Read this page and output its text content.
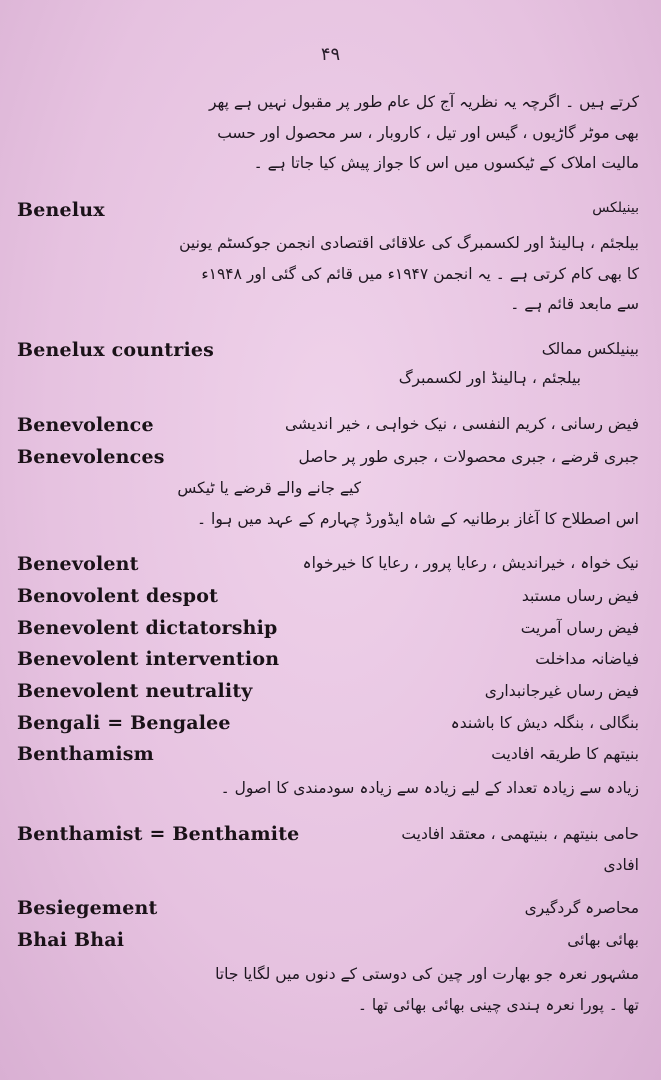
۴۹
کرتے ہیں ۔ اگرچہ یہ نظریہ آج کل عام طور پر مقبول نہیں ہے پھر
بھی موٹر گاڑیوں ، گیس اور تیل ، کاروبار ، سر محصول اور حسب
مالیت املاک کے ٹیکسوں میں اس کا جواز پیش کیا جاتا ہے ۔
Benelux	بینیلکس
بیلجئم ، ہالینڈ اور لکسمبرگ کی علاقائی اقتصادی انجمن جوکسٹم یونین
کا بھی کام کرتی ہے ۔ یہ انجمن ۱۹۴۷ء میں قائم کی گئی اور ۱۹۴۸ء
سے مابعد قائم ہے ۔
Benelux countries	بینیلکس ممالک
بیلجئم ، ہالینڈ اور لکسمبرگ
Benevolence	فیض رسانی ، کریم النفسی ، نیک خواہی ، خیر اندیشی
Benevolences	جبری قرضے ، جبری محصولات ، جبری طور پر حاصل
کیے جانے والے قرضے یا ٹیکس
اس اصطلاح کا آغاز برطانیہ کے شاہ ایڈورڈ چہارم کے عہد میں ہوا ۔
Benevolent	نیک خواہ ، خیراندیش ، رعایا پرور ، رعایا کا خیرخواہ
Benovolent despot	فیض رساں مستبد
Benevolent dictatorship	فیض رساں آمریت
Benevolent intervention	فیاضانہ مداخلت
Benevolent neutrality	فیض رساں غیرجانبداری
Bengali = Bengalee	بنگالی ، بنگلہ دیش کا باشندہ
Benthamism	بنیتھم کا طریقہ افادیت
زیادہ سے زیادہ تعداد کے لیے زیادہ سے زیادہ سودمندی کا اصول ۔
Benthamist = Benthamite	حامی بنیتھم ، بنیتھمی ، معتقد افادیت
افادی
Besiegement	محاصرہ گردگیری
Bhai Bhai	بھائی بھائی
مشہور نعرہ جو بھارت اور چین کی دوستی کے دنوں میں لگایا جاتا
تھا ۔ پورا نعرہ ہندی چینی بھائی بھائی تھا ۔
